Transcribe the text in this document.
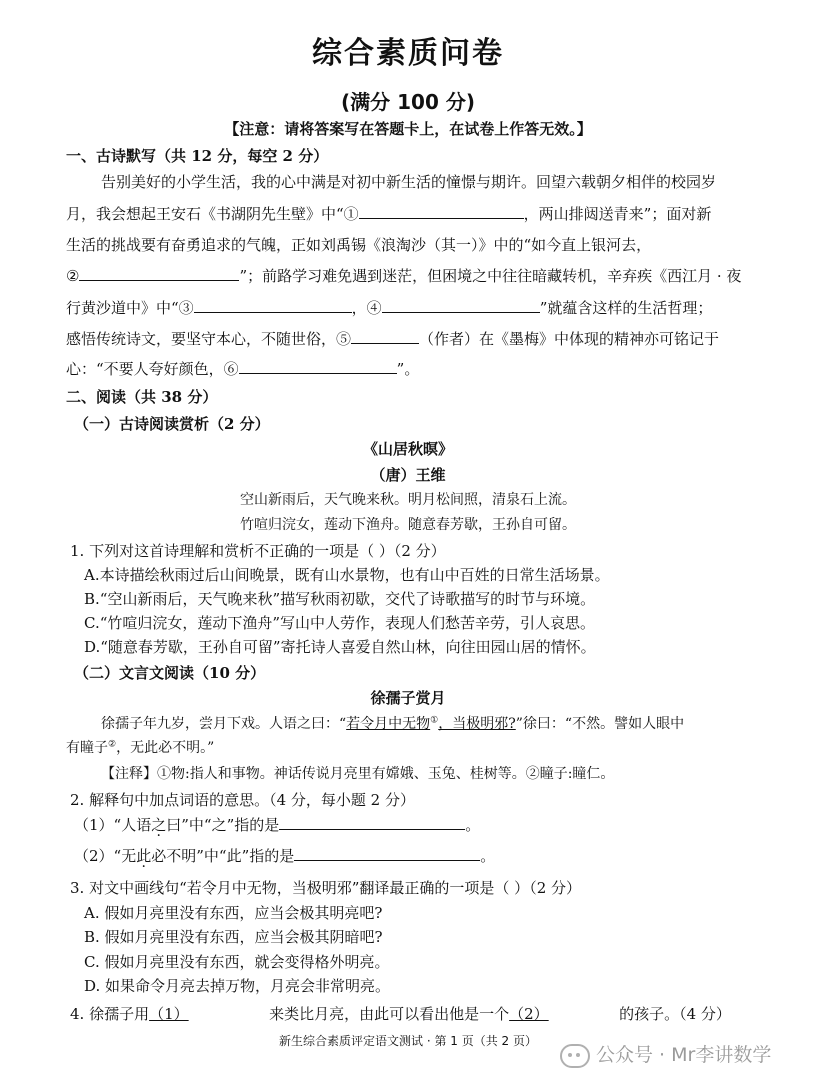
综合素质问卷
(满分 100 分)
【注意：请将答案写在答题卡上，在试卷上作答无效。】
一、古诗默写（共 12 分，每空 2 分）
告别美好的小学生活，我的心中满是对初中新生活的憧憬与期许。回望六载朝夕相伴的校园岁
月，我会想起王安石《书湖阴先生壁》中“①	，两山排闼送青来”；面对新
生活的挑战要有奋勇追求的气魄，正如刘禹锡《浪淘沙（其一）》中的“如今直上银河去，
②	”；前路学习难免遇到迷茫，但困境之中往往暗藏转机，辛弃疾《西江月 · 夜
行黄沙道中》中“③	，④	”就蕴含这样的生活哲理；
感悟传统诗文，要坚守本心，不随世俗，⑤	（作者）在《墨梅》中体现的精神亦可铭记于
心：“不要人夸好颜色，⑥	”。
二、阅读（共 38 分）
（一）古诗阅读赏析（2 分）
《山居秋暝》
（唐）王维
空山新雨后，天气晚来秋。明月松间照，清泉石上流。
竹喧归浣女，莲动下渔舟。随意春芳歇，王孙自可留。
1. 下列对这首诗理解和赏析不正确的一项是（ ）（2 分）
A.本诗描绘秋雨过后山间晚景，既有山水景物，也有山中百姓的日常生活场景。
B.“空山新雨后，天气晚来秋”描写秋雨初歇，交代了诗歌描写的时节与环境。
C.“竹喧归浣女，莲动下渔舟”写山中人劳作，表现人们愁苦辛劳，引人哀思。
D.“随意春芳歇，王孙自可留”寄托诗人喜爱自然山林，向往田园山居的情怀。
（二）文言文阅读（10 分）
徐孺子赏月
徐孺子年九岁，尝月下戏。人语之曰：“若令月中无物①，当极明邪?”徐曰：“不然。譬如人眼中
有瞳子②，无此必不明。”
【注释】①物:指人和事物。神话传说月亮里有嫦娥、玉兔、桂树等。②瞳子:瞳仁。
2. 解释句中加点词语的意思。（4 分，每小题 2 分）
（1）“人语之曰”中“之”指的是	。
（2）“无此必不明”中“此”指的是	。
3. 对文中画线句“若令月中无物，当极明邪”翻译最正确的一项是（ ）（2 分）
A. 假如月亮里没有东西，应当会极其明亮吧?
B. 假如月亮里没有东西，应当会极其阴暗吧?
C. 假如月亮里没有东西，就会变得格外明亮。
D. 如果命令月亮去掉万物，月亮会非常明亮。
4. 徐孺子用（1）	来类比月亮，由此可以看出他是一个（2）	的孩子。（4 分）
新生综合素质评定语文测试 · 第 1 页（共 2 页）
公众号 · Mr李讲数学
